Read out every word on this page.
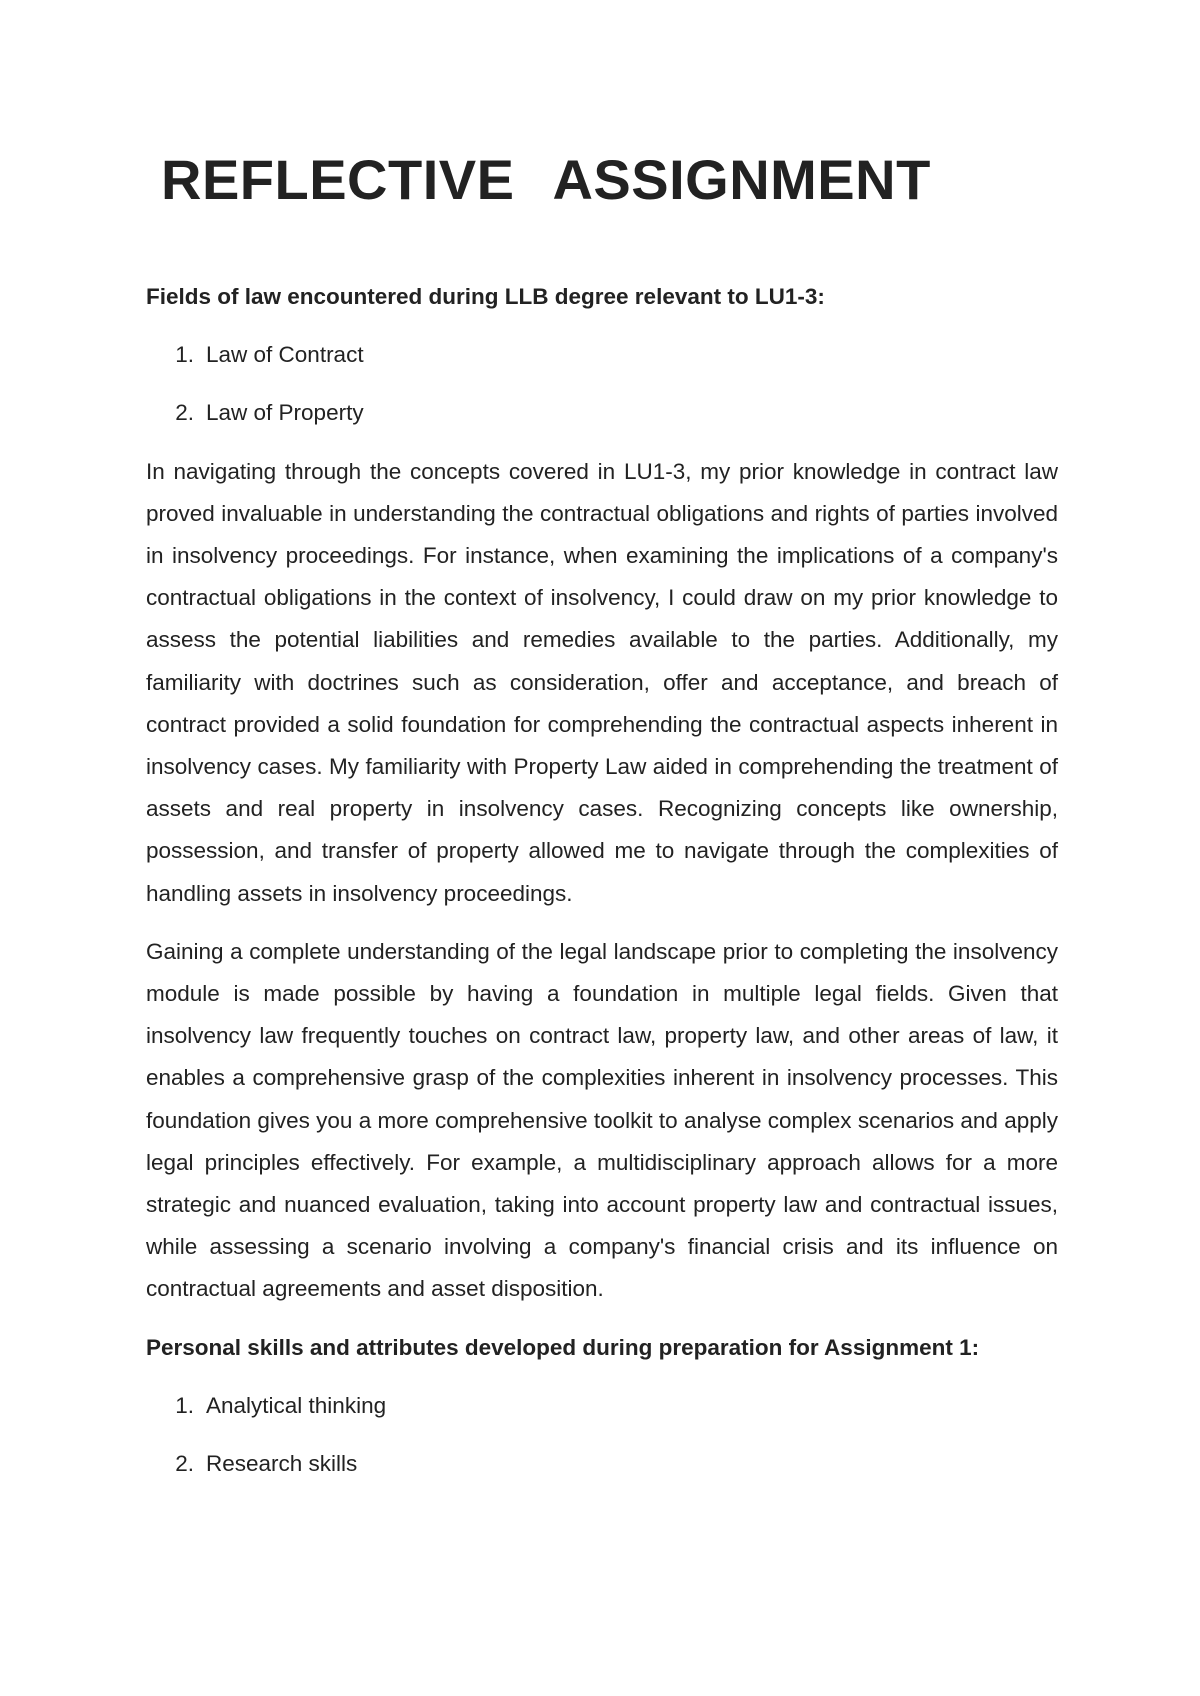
REFLECTIVE ASSIGNMENT

Fields of law encountered during LLB degree relevant to LU1-3:

1. Law of Contract
2. Law of Property

In navigating through the concepts covered in LU1-3, my prior knowledge in contract law proved invaluable in understanding the contractual obligations and rights of parties involved in insolvency proceedings. For instance, when examining the implications of a company's contractual obligations in the context of insolvency, I could draw on my prior knowledge to assess the potential liabilities and remedies available to the parties. Additionally, my familiarity with doctrines such as consideration, offer and acceptance, and breach of contract provided a solid foundation for comprehending the contractual aspects inherent in insolvency cases. My familiarity with Property Law aided in comprehending the treatment of assets and real property in insolvency cases. Recognizing concepts like ownership, possession, and transfer of property allowed me to navigate through the complexities of handling assets in insolvency proceedings.

Gaining a complete understanding of the legal landscape prior to completing the insolvency module is made possible by having a foundation in multiple legal fields. Given that insolvency law frequently touches on contract law, property law, and other areas of law, it enables a comprehensive grasp of the complexities inherent in insolvency processes. This foundation gives you a more comprehensive toolkit to analyse complex scenarios and apply legal principles effectively. For example, a multidisciplinary approach allows for a more strategic and nuanced evaluation, taking into account property law and contractual issues, while assessing a scenario involving a company's financial crisis and its influence on contractual agreements and asset disposition.

Personal skills and attributes developed during preparation for Assignment 1:

1. Analytical thinking
2. Research skills
